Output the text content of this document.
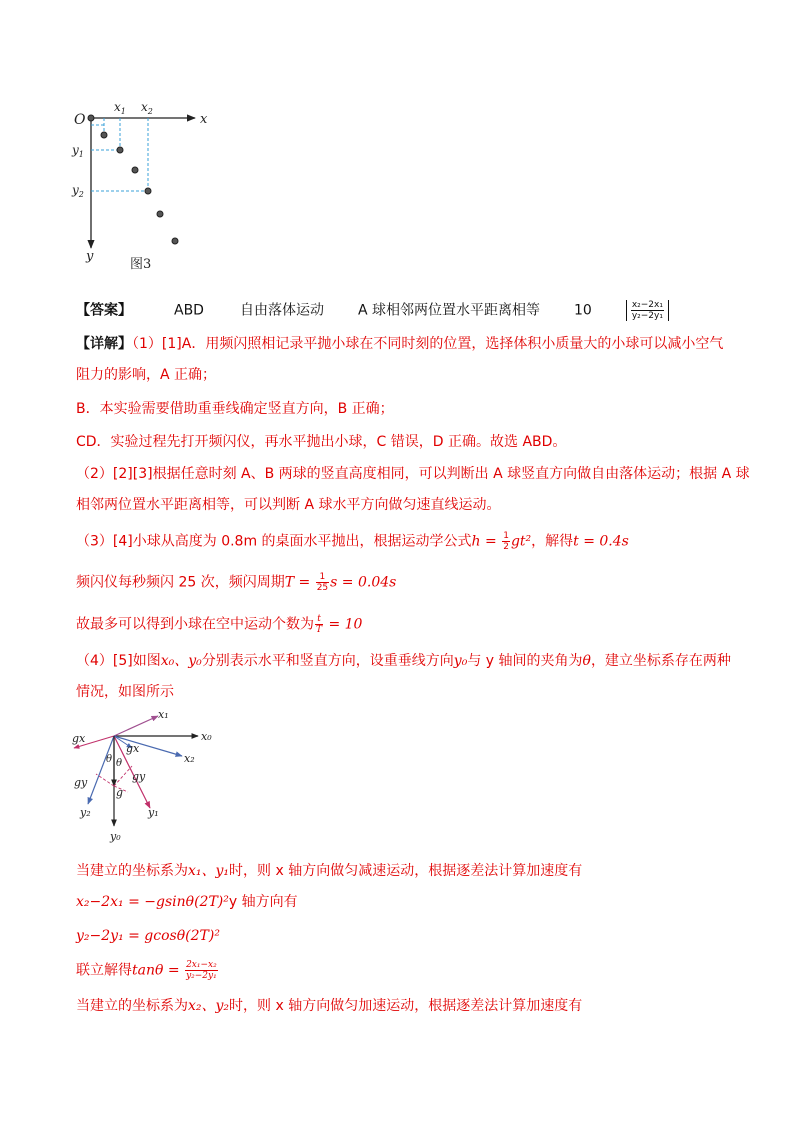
O	x
y
$x_1$ $x_2$
$y_1$
$y_2$
图3
【答案】	ABD	自由落体运动 A 球相邻两位置水平距离相等 10	$\frac{\text{x₂−2x₁}}{\text{y₂−2y₁}}$
【详解】（1）[1]A．用频闪照相记录平抛小球在不同时刻的位置，选择体积小质量大的小球可以减小空气
阻力的影响，A 正确；
B．本实验需要借助重垂线确定竖直方向，B 正确；
CD．实验过程先打开频闪仪，再水平抛出小球，C 错误，D 正确。故选 ABD。
（2）[2][3]根据任意时刻 A、B 两球的竖直高度相同，可以判断出 A 球竖直方向做自由落体运动；根据 A 球
相邻两位置水平距离相等，可以判断 A 球水平方向做匀速直线运动。
（3）[4]小球从高度为 0.8m 的桌面水平抛出，根据运动学公式$h = \frac{1}{2} gt^2$，解得t = 0.4s
频闪仪每秒频闪 25 次，频闪周期$T = \frac{1}{25}$ s = 0.04s
故最多可以得到小球在空中运动个数为 $\frac{t}{T} = 10$
（4）[5]如图x₀、y₀分别表示水平和竖直方向，设重垂线方向y₀与 y 轴间的夹角为θ，建立坐标系存在两种
情况，如图所示
x₁
x₀
x₂
gx
gx
θ θ
gy	gy
g
y₁
y₂
y₀
当建立的坐标系为x₁、y₁时，则 x 轴方向做匀减速运动，根据逐差法计算加速度有
x₂−2x₁ = −gsinθ(2T)²y 轴方向有
y₂−2y₁ = gcosθ(2T)²
联立解得$\tan\theta = \frac{\text{2x₁−x₂}}{\text{y₂−2y₁}}$
当建立的坐标系为x₂、y₂时，则 x 轴方向做匀加速运动，根据逐差法计算加速度有
